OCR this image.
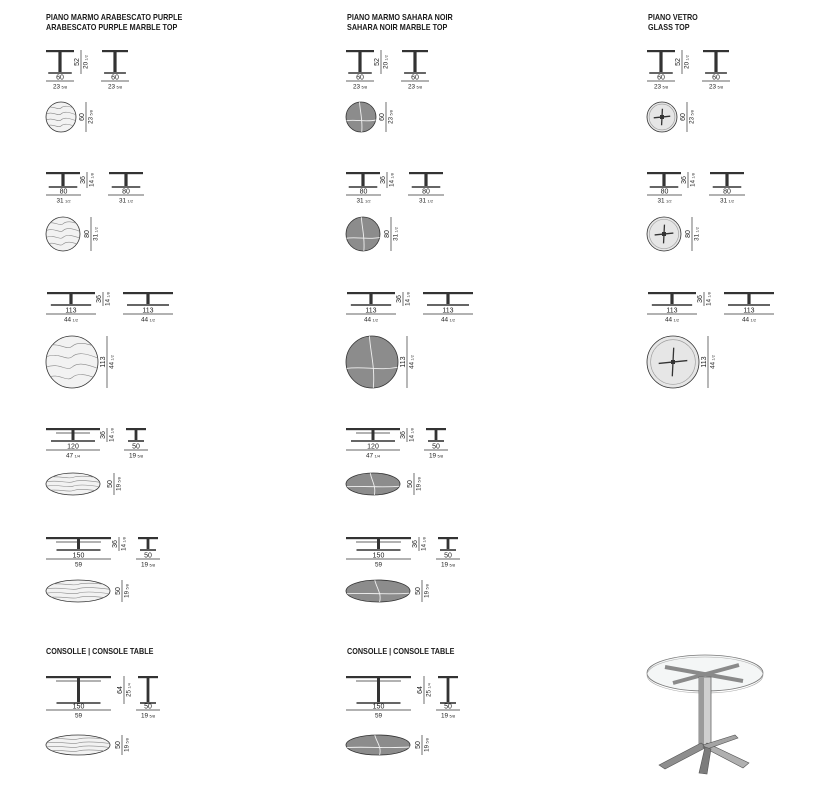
PIANO MARMO ARABESCATO PURPLE
ARABESCATO PURPLE MARBLE TOP
PIANO MARMO SAHARA NOIR
SAHARA NOIR MARBLE TOP
PIANO VETRO
GLASS TOP
CONSOLLE | CONSOLE TABLE	CONSOLLE | CONSOLE TABLE
60
23 5/8
52 201/2
60
23 5/8
60 235/8
60
23 5/8
52 201/2
60
23 5/8
60 235/8
80
31 1/2
36 141/8
80
31 1/2
80 311/2
80
31 1/2
36 141/8
80
31 1/2
80 311/2
113
44 1/2
36 141/8
113
44 1/2
113 441/2
113
44 1/2
36 141/8
113
44 1/2
113 441/2
120
47 1/4
36 141/8
50
19 5/8
50 195/8
120
47 1/4
36 141/8
50
19 5/8
50 195/8
150
59
36 141/8
50
19 5/8
50 195/8
150
59
36 141/8
50
19 5/8
50 195/8
150
59
64 251/4
50
19 5/8
50 195/8
150
59
64 251/4
50
19 5/8
50 195/8
60
23 5/8
52 201/2
60
23 5/8
60 235/8
80
31 1/2
36 141/8
80
31 1/2
80 311/2
113
44 1/2
36 141/8
113
44 1/2
113 441/2
